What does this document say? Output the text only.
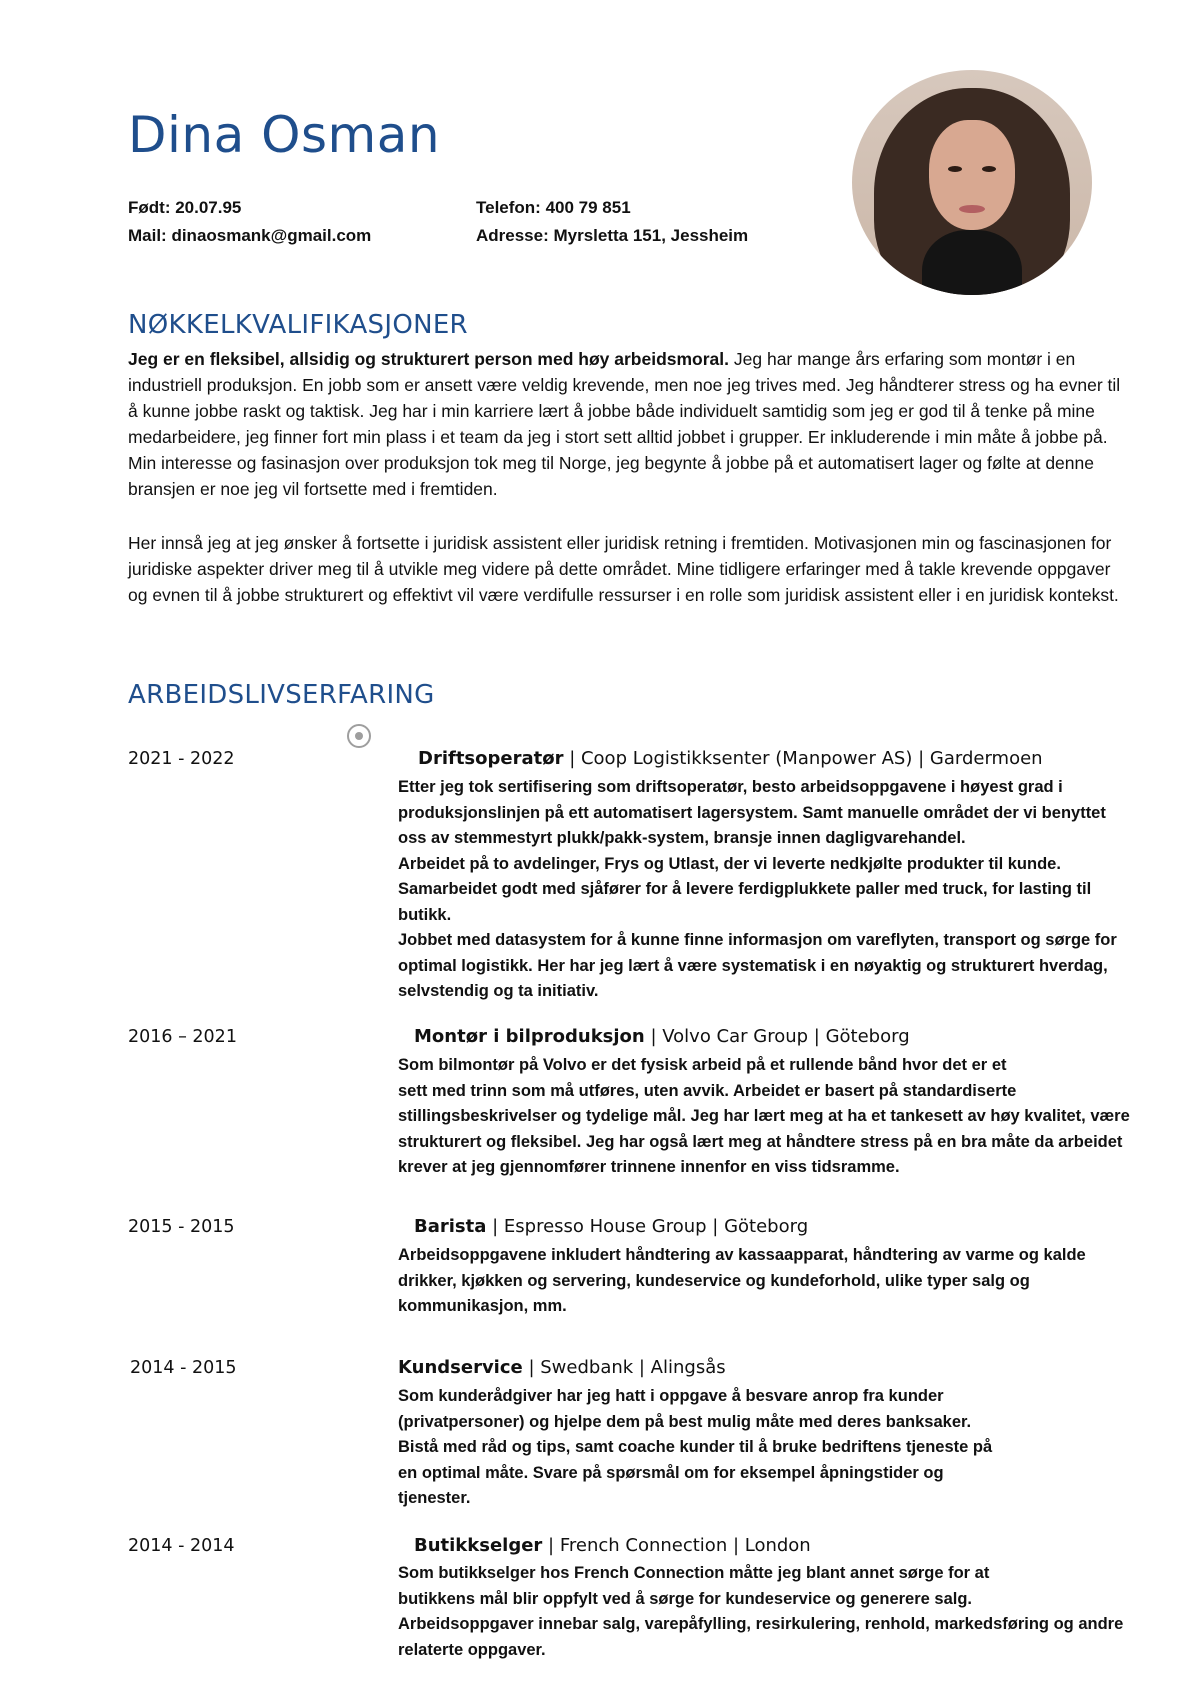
Dina Osman
Født: 20.07.95	Telefon: 400 79 851
Mail: dinaosmank@gmail.com	Adresse: Myrsletta 151, Jessheim
NØKKELKVALIFIKASJONER

Jeg er en fleksibel, allsidig og strukturert person med høy arbeidsmoral. Jeg har mange års erfaring som montør i en industriell produksjon. En jobb som er ansett være veldig krevende, men noe jeg trives med. Jeg håndterer stress og ha evner til å kunne jobbe raskt og taktisk. Jeg har i min karriere lært å jobbe både individuelt samtidig som jeg er god til å tenke på mine medarbeidere, jeg finner fort min plass i et team da jeg i stort sett alltid jobbet i grupper. Er inkluderende i min måte å jobbe på. Min interesse og fasinasjon over produksjon tok meg til Norge, jeg begynte å jobbe på et automatisert lager og følte at denne bransjen er noe jeg vil fortsette med i fremtiden.

Her innså jeg at jeg ønsker å fortsette i juridisk assistent eller juridisk retning i fremtiden. Motivasjonen min og fascinasjonen for juridiske aspekter driver meg til å utvikle meg videre på dette området. Mine tidligere erfaringer med å takle krevende oppgaver og evnen til å jobbe strukturert og effektivt vil være verdifulle ressurser i en rolle som juridisk assistent eller i en juridisk kontekst.

ARBEIDSLIVSERFARING
2021 - 2022	Driftsoperatør | Coop Logistikksenter (Manpower AS) | Gardermoen

Etter jeg tok sertifisering som driftsoperatør, besto arbeidsoppgavene i høyest grad i produksjonslinjen på ett automatisert lagersystem. Samt manuelle området der vi benyttet oss av stemmestyrt plukk/pakk-system, bransje innen dagligvarehandel.
Arbeidet på to avdelinger, Frys og Utlast, der vi leverte nedkjølte produkter til kunde.
Samarbeidet godt med sjåfører for å levere ferdigplukkete paller med truck, for lasting til butikk.
Jobbet med datasystem for å kunne finne informasjon om vareflyten, transport og sørge for optimal logistikk. Her har jeg lært å være systematisk i en nøyaktig og strukturert hverdag, selvstendig og ta initiativ.

2016 – 2021	Montør i bilproduksjon | Volvo Car Group | Göteborg

Som bilmontør på Volvo er det fysisk arbeid på et rullende bånd hvor det er et
sett med trinn som må utføres, uten avvik. Arbeidet er basert på standardiserte stillingsbeskrivelser og tydelige mål. Jeg har lært meg at ha et tankesett av høy kvalitet, være strukturert og fleksibel. Jeg har også lært meg at håndtere stress på en bra måte da arbeidet krever at jeg gjennomfører trinnene innenfor en viss tidsramme.

2015 - 2015	Barista | Espresso House Group | Göteborg

Arbeidsoppgavene inkludert håndtering av kassaapparat, håndtering av varme og kalde drikker, kjøkken og servering, kundeservice og kundeforhold, ulike typer salg og kommunikasjon, mm.

2014 - 2015	Kundservice | Swedbank | Alingsås

Som kunderådgiver har jeg hatt i oppgave å besvare anrop fra kunder
(privatpersoner) og hjelpe dem på best mulig måte med deres banksaker.
Bistå med råd og tips, samt coache kunder til å bruke bedriftens tjeneste på
en optimal måte. Svare på spørsmål om for eksempel åpningstider og
tjenester.

2014 - 2014	Butikkselger | French Connection | London

Som butikkselger hos French Connection måtte jeg blant annet sørge for at
butikkens mål blir oppfylt ved å sørge for kundeservice og generere salg.
Arbeidsoppgaver innebar salg, varepåfylling, resirkulering, renhold, markedsføring og andre relaterte oppgaver.
